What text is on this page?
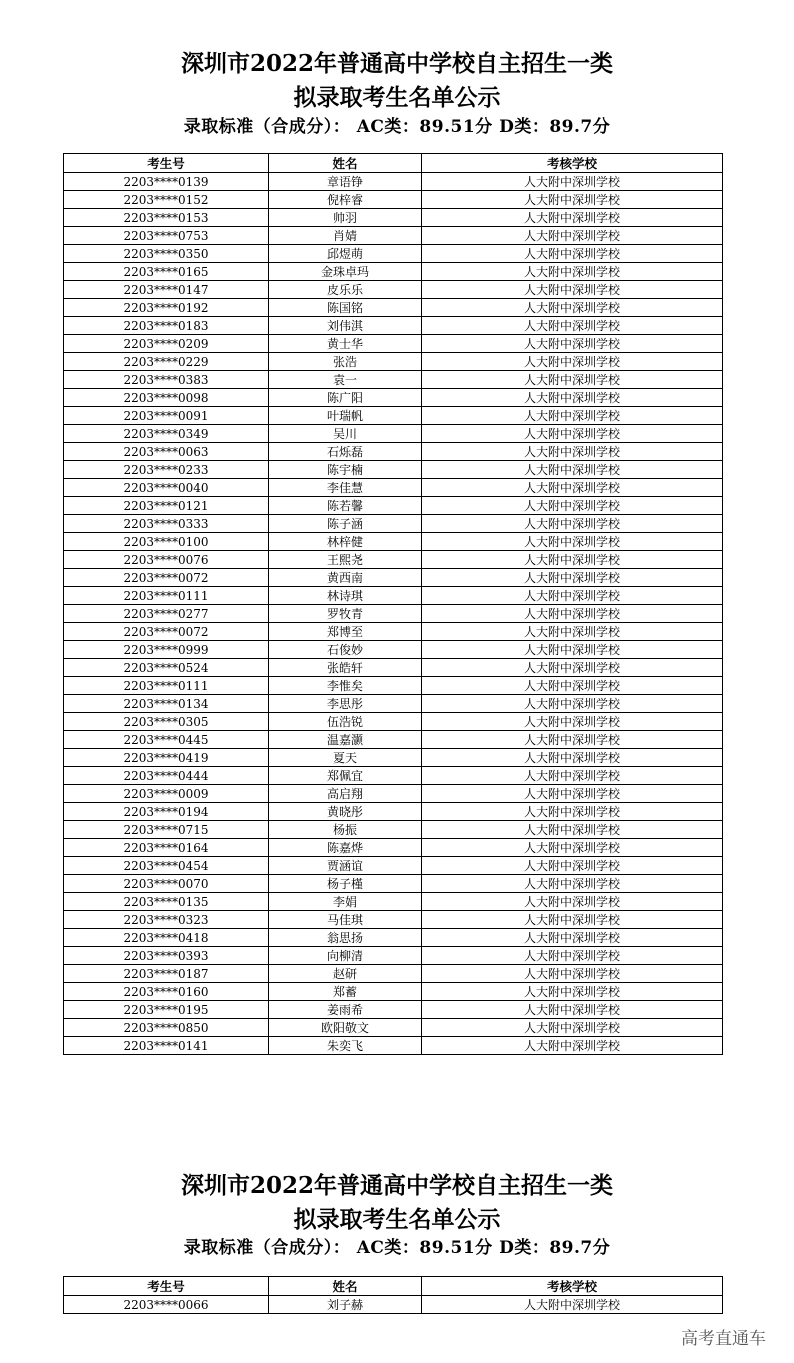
深圳市2022年普通高中学校自主招生一类
拟录取考生名单公示
录取标准（合成分）： AC类：89.51分 D类：89.7分
考生号	姓名	考核学校
2203****0139	章语铮	人大附中深圳学校
2203****0152	倪梓睿	人大附中深圳学校
2203****0153	帅羽	人大附中深圳学校
2203****0753	肖婧	人大附中深圳学校
2203****0350	邱煜萌	人大附中深圳学校
2203****0165	金珠卓玛	人大附中深圳学校
2203****0147	皮乐乐	人大附中深圳学校
2203****0192	陈国铭	人大附中深圳学校
2203****0183	刘伟淇	人大附中深圳学校
2203****0209	黄士华	人大附中深圳学校
2203****0229	张浩	人大附中深圳学校
2203****0383	袁一	人大附中深圳学校
2203****0098	陈广阳	人大附中深圳学校
2203****0091	叶瑞帆	人大附中深圳学校
2203****0349	吴川	人大附中深圳学校
2203****0063	石烁磊	人大附中深圳学校
2203****0233	陈宇楠	人大附中深圳学校
2203****0040	李佳慧	人大附中深圳学校
2203****0121	陈若馨	人大附中深圳学校
2203****0333	陈子涵	人大附中深圳学校
2203****0100	林梓健	人大附中深圳学校
2203****0076	王熙尧	人大附中深圳学校
2203****0072	黄西南	人大附中深圳学校
2203****0111	林诗琪	人大附中深圳学校
2203****0277	罗牧青	人大附中深圳学校
2203****0072	郑博至	人大附中深圳学校
2203****0999	石俊妙	人大附中深圳学校
2203****0524	张皓轩	人大附中深圳学校
2203****0111	李惟矣	人大附中深圳学校
2203****0134	李思彤	人大附中深圳学校
2203****0305	伍浩锐	人大附中深圳学校
2203****0445	温嘉灏	人大附中深圳学校
2203****0419	夏天	人大附中深圳学校
2203****0444	郑佩宜	人大附中深圳学校
2203****0009	高启翔	人大附中深圳学校
2203****0194	黄晓彤	人大附中深圳学校
2203****0715	杨振	人大附中深圳学校
2203****0164	陈嘉烨	人大附中深圳学校
2203****0454	贾涵谊	人大附中深圳学校
2203****0070	杨子槿	人大附中深圳学校
2203****0135	李娟	人大附中深圳学校
2203****0323	马佳琪	人大附中深圳学校
2203****0418	翁思扬	人大附中深圳学校
2203****0393	向柳清	人大附中深圳学校
2203****0187	赵研	人大附中深圳学校
2203****0160	郑蓄	人大附中深圳学校
2203****0195	姜雨希	人大附中深圳学校
2203****0850	欧阳敬文	人大附中深圳学校
2203****0141	朱奕飞	人大附中深圳学校
深圳市2022年普通高中学校自主招生一类
拟录取考生名单公示
录取标准（合成分）： AC类：89.51分 D类：89.7分
考生号	姓名	考核学校
2203****0066	刘子赫	人大附中深圳学校
高考直通车
